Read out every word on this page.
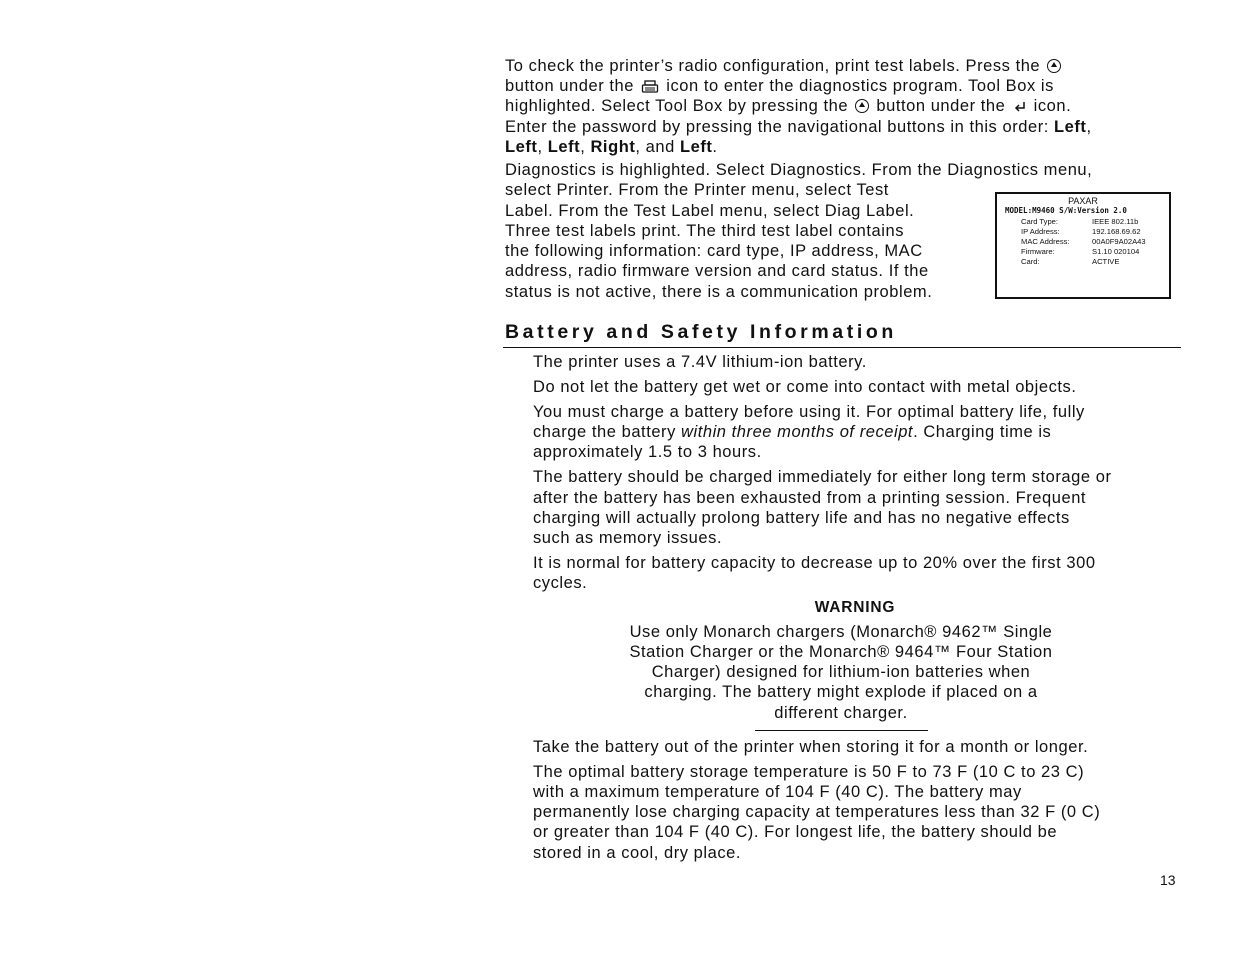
To check the printer’s radio configuration, print test labels. Press the
button under the icon to enter the diagnostics program. Tool Box is
highlighted. Select Tool Box by pressing the button under the icon.
Enter the password by pressing the navigational buttons in this order: Left,
Left, Left, Right, and Left.
Diagnostics is highlighted. Select Diagnostics. From the Diagnostics menu,
select Printer. From the Printer menu, select Test
Label. From the Test Label menu, select Diag Label.
Three test labels print. The third test label contains
the following information: card type, IP address, MAC
address, radio firmware version and card status. If the
status is not active, there is a communication problem.
PAXAR
MODEL:M9460 S/W:Version 2.0
Card Type:	IEEE 802.11b
IP Address:	192.168.69.62
MAC Address:	00A0F9A02A43
Firmware:	S1.10 020104
Card:	ACTIVE
Battery and Safety Information
The printer uses a 7.4V lithium-ion battery.
Do not let the battery get wet or come into contact with metal objects.
You must charge a battery before using it. For optimal battery life, fully
charge the battery within three months of receipt. Charging time is
approximately 1.5 to 3 hours.
The battery should be charged immediately for either long term storage or
after the battery has been exhausted from a printing session. Frequent
charging will actually prolong battery life and has no negative effects
such as memory issues.
It is normal for battery capacity to decrease up to 20% over the first 300
cycles.
WARNING
Use only Monarch chargers (Monarch® 9462™ Single
Station Charger or the Monarch® 9464™ Four Station
Charger) designed for lithium-ion batteries when
charging. The battery might explode if placed on a
different charger.
Take the battery out of the printer when storing it for a month or longer.
The optimal battery storage temperature is 50 F to 73 F (10 C to 23 C)
with a maximum temperature of 104 F (40 C). The battery may
permanently lose charging capacity at temperatures less than 32 F (0 C)
or greater than 104 F (40 C). For longest life, the battery should be
stored in a cool, dry place.
13
